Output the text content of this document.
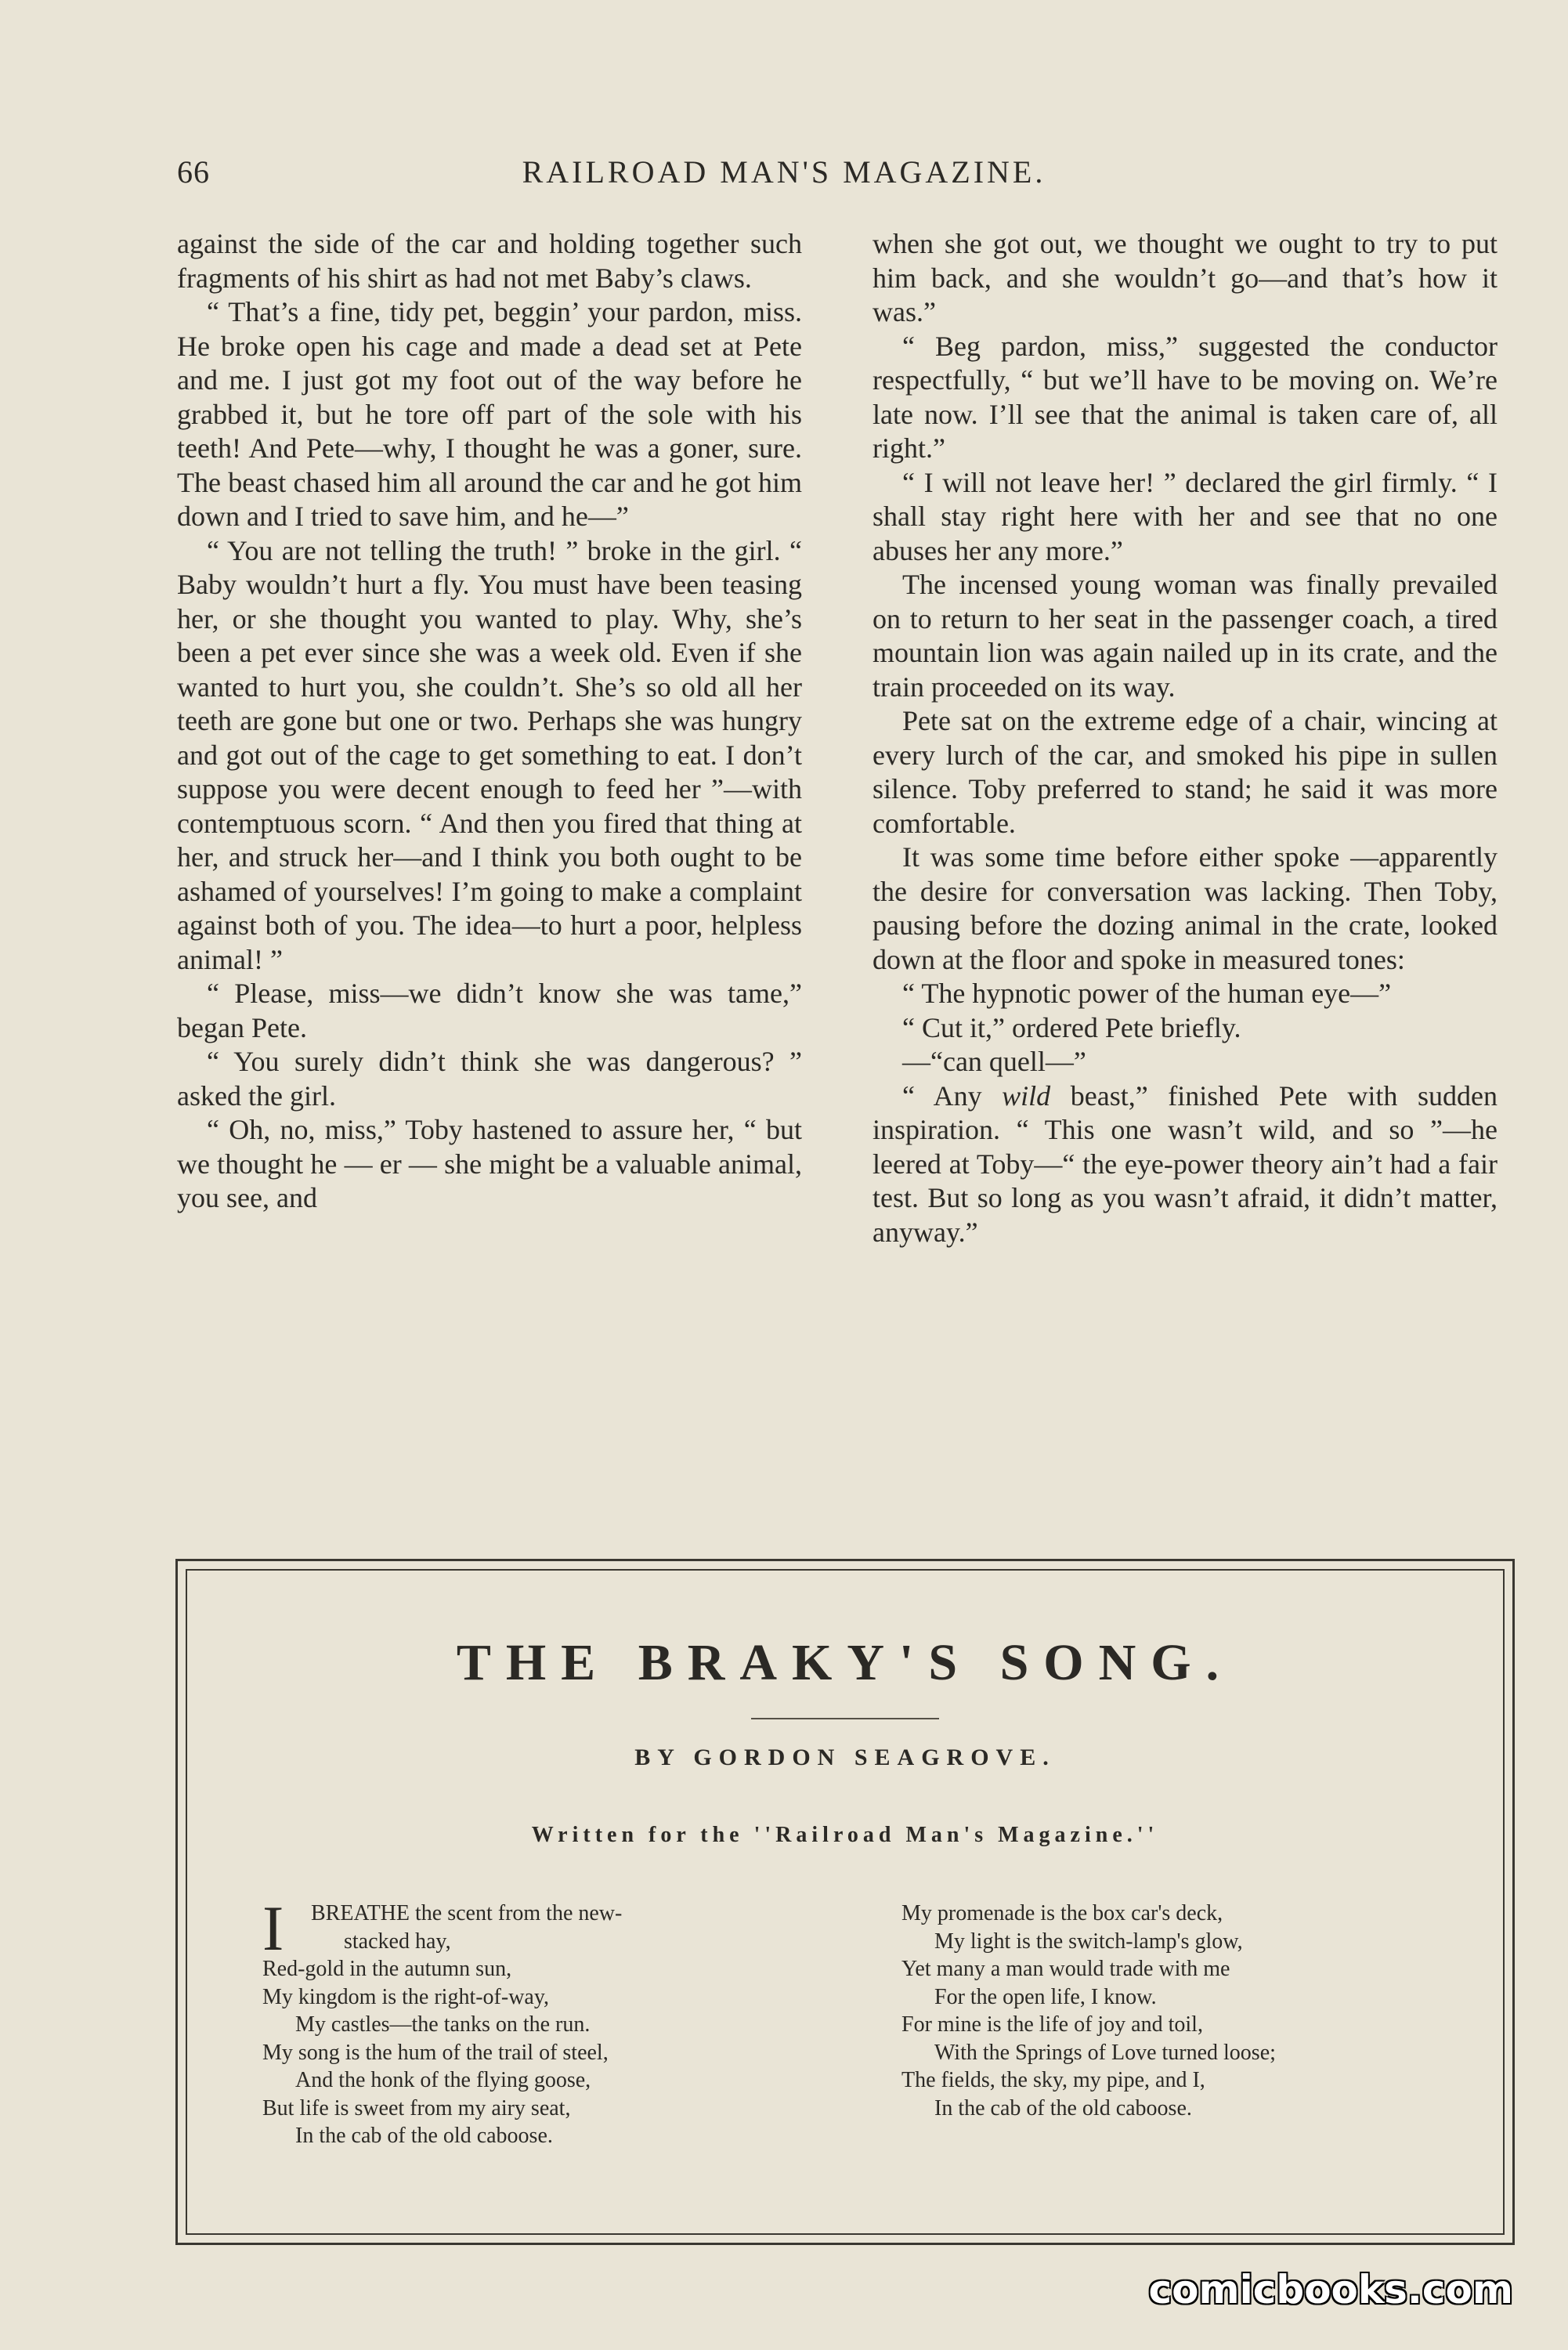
66	RAILROAD MAN'S MAGAZINE.

against the side of the car and holding together such fragments of his shirt as had not met Baby’s claws.

“ That’s a fine, tidy pet, beggin’ your pardon, miss. He broke open his cage and made a dead set at Pete and me. I just got my foot out of the way before he grabbed it, but he tore off part of the sole with his teeth! And Pete—why, I thought he was a goner, sure. The beast chased him all around the car and he got him down and I tried to save him, and he—”

“ You are not telling the truth! ” broke in the girl. “ Baby wouldn’t hurt a fly. You must have been teasing her, or she thought you wanted to play. Why, she’s been a pet ever since she was a week old. Even if she wanted to hurt you, she couldn’t. She’s so old all her teeth are gone but one or two. Perhaps she was hungry and got out of the cage to get something to eat. I don’t suppose you were decent enough to feed her ”—with contemptuous scorn. “ And then you fired that thing at her, and struck her—and I think you both ought to be ashamed of yourselves! I’m going to make a complaint against both of you. The idea—to hurt a poor, helpless animal! ”

“ Please, miss—we didn’t know she was tame,” began Pete.

“ You surely didn’t think she was dangerous? ” asked the girl.

“ Oh, no, miss,” Toby hastened to assure her, “ but we thought he — er — she might be a valuable animal, you see, and

when she got out, we thought we ought to try to put him back, and she wouldn’t go—and that’s how it was.”

“ Beg pardon, miss,” suggested the conductor respectfully, “ but we’ll have to be moving on. We’re late now. I’ll see that the animal is taken care of, all right.”

“ I will not leave her! ” declared the girl firmly. “ I shall stay right here with her and see that no one abuses her any more.”

The incensed young woman was finally prevailed on to return to her seat in the passenger coach, a tired mountain lion was again nailed up in its crate, and the train proceeded on its way.

Pete sat on the extreme edge of a chair, wincing at every lurch of the car, and smoked his pipe in sullen silence. Toby preferred to stand; he said it was more comfortable.

It was some time before either spoke —apparently the desire for conversation was lacking. Then Toby, pausing before the dozing animal in the crate, looked down at the floor and spoke in measured tones:

“ The hypnotic power of the human eye—”

“ Cut it,” ordered Pete briefly.

—“can quell—”

“ Any wild beast,” finished Pete with sudden inspiration. “ This one wasn’t wild, and so ”—he leered at Toby—“ the eye-power theory ain’t had a fair test. But so long as you wasn’t afraid, it didn’t matter, anyway.”

THE BRAKY'S SONG.
BY GORDON SEAGROVE.
Written for the ''Railroad Man's Magazine.''
I BREATHE the scent from the new-
stacked hay,
Red-gold in the autumn sun,
My kingdom is the right-of-way,
My castles—the tanks on the run.
My song is the hum of the trail of steel,
And the honk of the flying goose,
But life is sweet from my airy seat,
In the cab of the old caboose.
My promenade is the box car's deck,
My light is the switch-lamp's glow,
Yet many a man would trade with me
For the open life, I know.
For mine is the life of joy and toil,
With the Springs of Love turned loose;
The fields, the sky, my pipe, and I,
In the cab of the old caboose.
comicbooks.com
